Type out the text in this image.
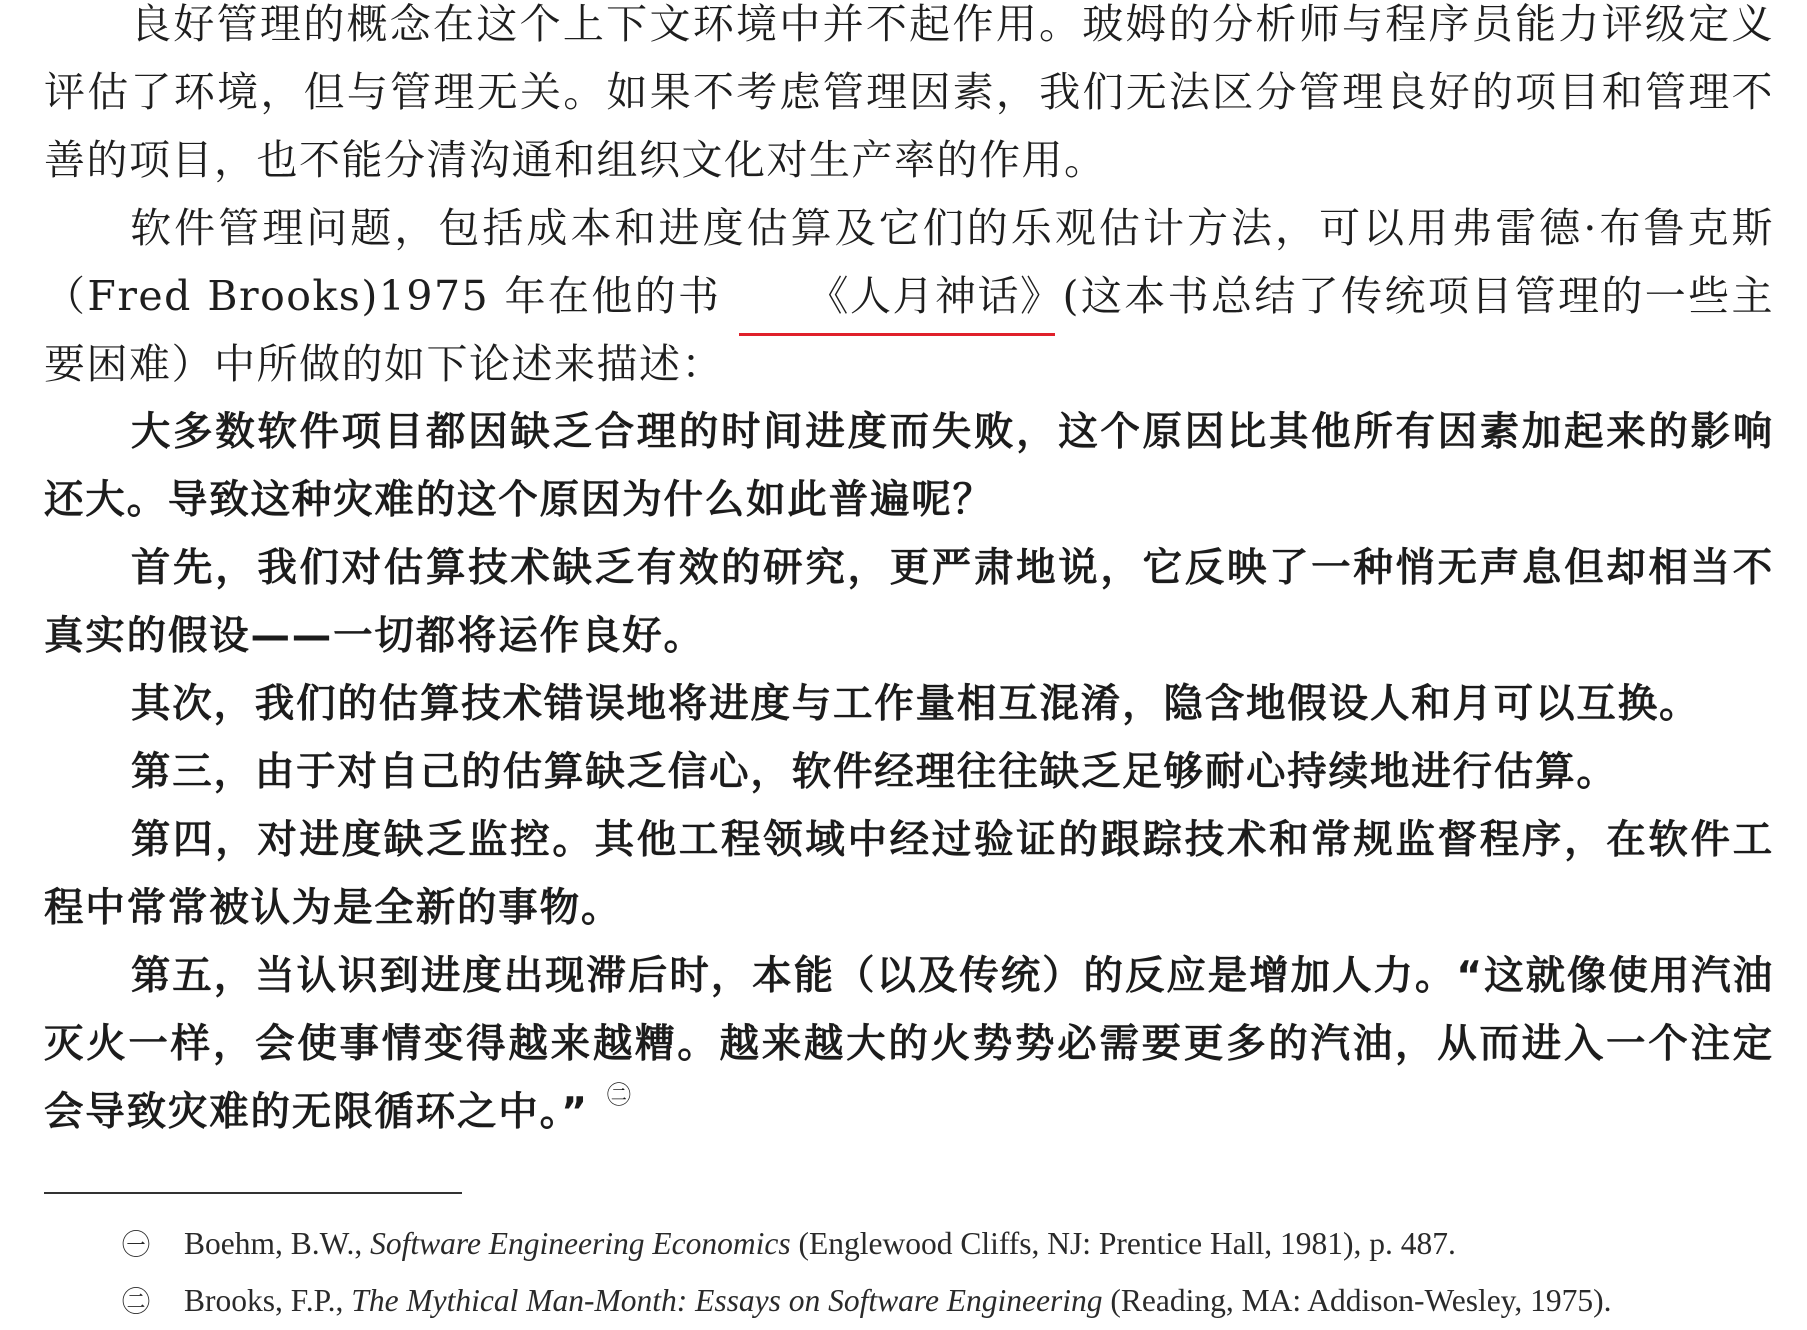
良好管理的概念在这个上下文环境中并不起作用。玻姆的分析师与程序员能力评级定义评估了环境，但与管理无关。如果不考虑管理因素，我们无法区分管理良好的项目和管理不善的项目，也不能分清沟通和组织文化对生产率的作用。

软件管理问题，包括成本和进度估算及它们的乐观估计方法，可以用弗雷德·布鲁克斯（Fred Brooks)1975 年在他的书 《人月神话》(这本书总结了传统项目管理的一些主要困难）中所做的如下论述来描述：

大多数软件项目都因缺乏合理的时间进度而失败，这个原因比其他所有因素加起来的影响还大。导致这种灾难的这个原因为什么如此普遍呢？

首先，我们对估算技术缺乏有效的研究，更严肃地说，它反映了一种悄无声息但却相当不真实的假设——一切都将运作良好。

其次，我们的估算技术错误地将进度与工作量相互混淆，隐含地假设人和月可以互换。

第三，由于对自己的估算缺乏信心，软件经理往往缺乏足够耐心持续地进行估算。

第四，对进度缺乏监控。其他工程领域中经过验证的跟踪技术和常规监督程序，在软件工程中常常被认为是全新的事物。

第五，当认识到进度出现滞后时，本能（以及传统）的反应是增加人力。“这就像使用汽油灭火一样，会使事情变得越来越糟。越来越大的火势势必需要更多的汽油，从而进入一个注定会导致灾难的无限循环之中。” $^㊁$

㊀ Boehm, B.W., Software Engineering Economics (Englewood Cliffs, NJ: Prentice Hall, 1981), p. 487.

㊁ Brooks, F.P., The Mythical Man-Month: Essays on Software Engineering (Reading, MA: Addison-Wesley, 1975).
